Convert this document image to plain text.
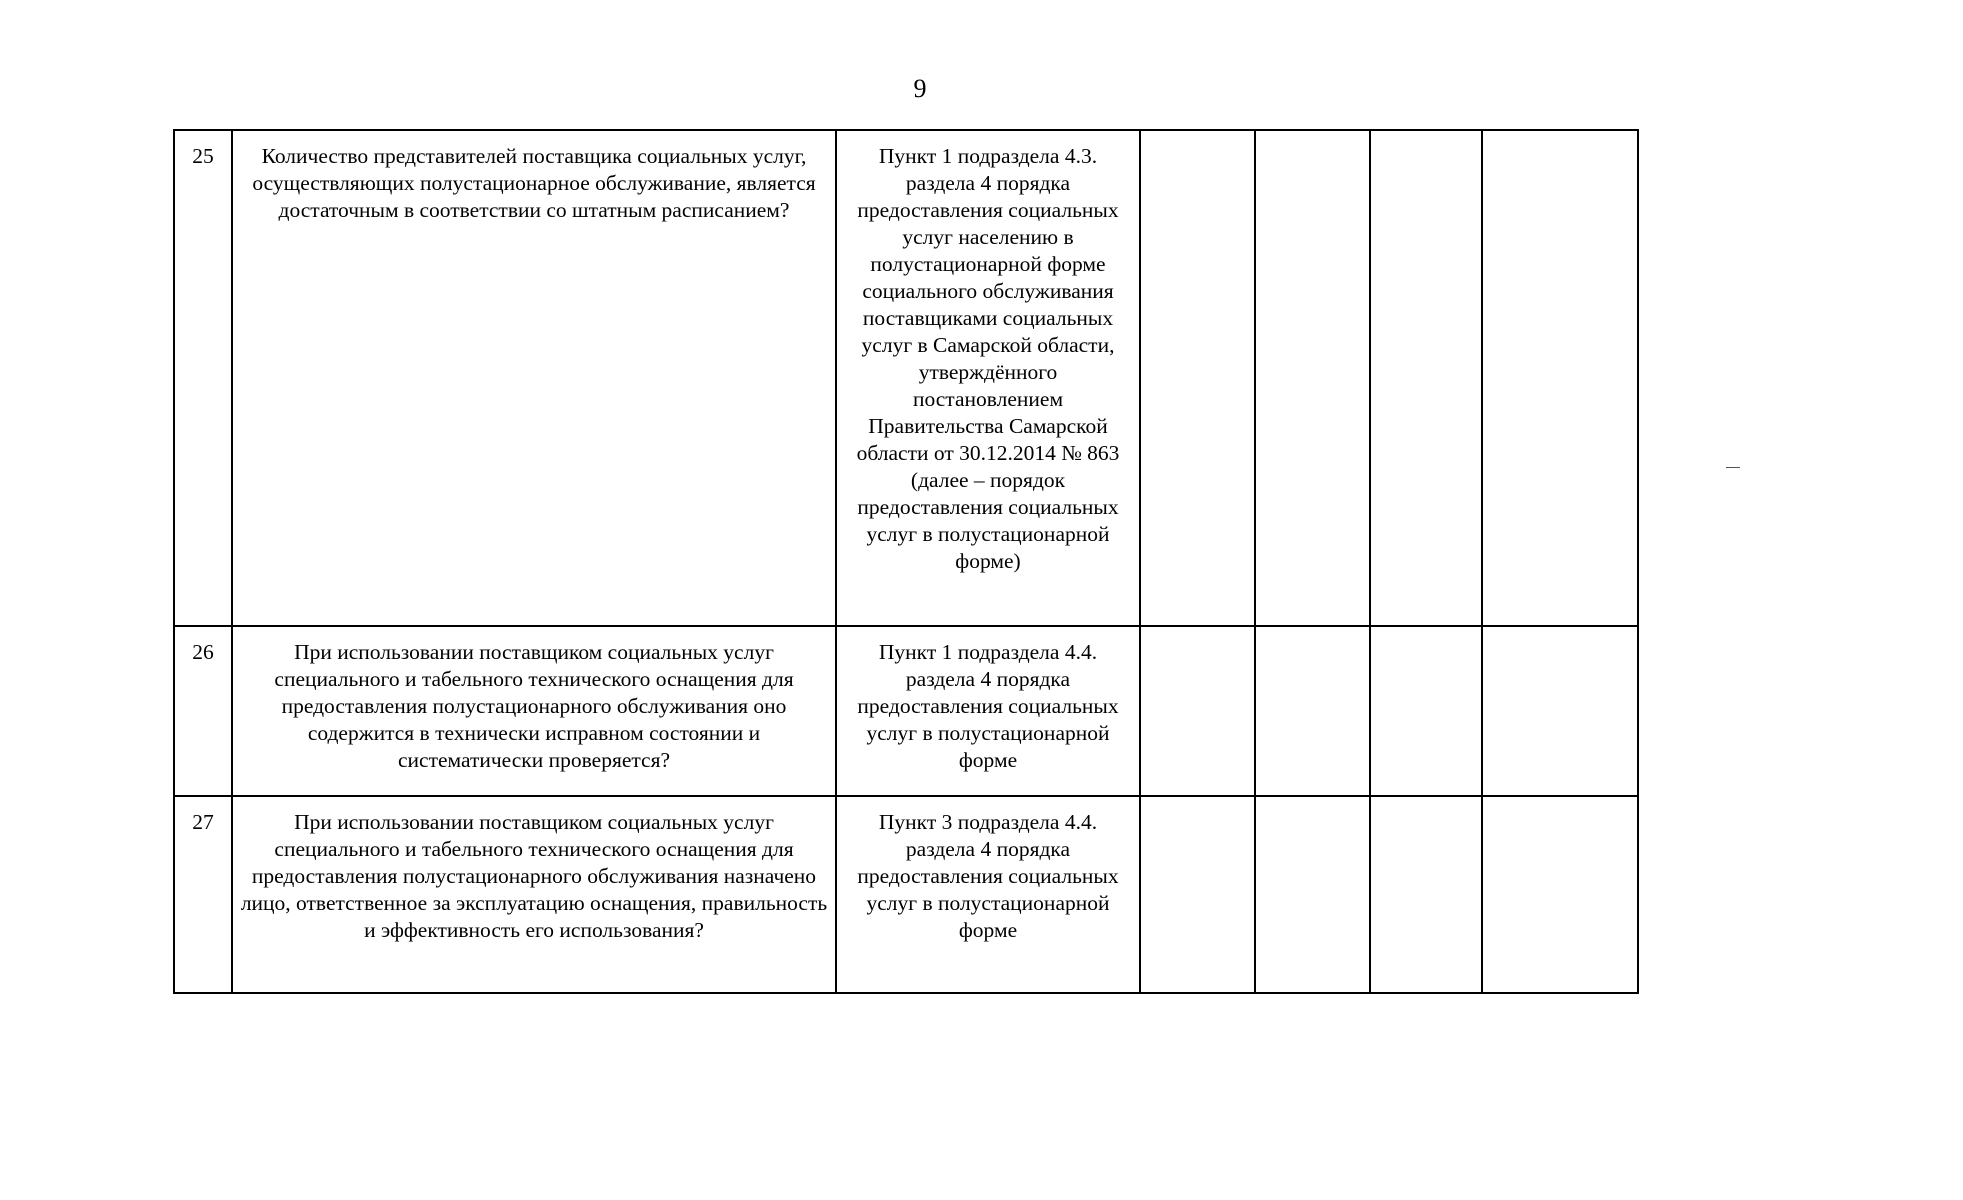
9
25	Количество представителей поставщика социальных услуг, осуществляющих полустационарное обслуживание, является достаточным в соответствии со штатным расписанием?	Пункт 1 подраздела 4.3. раздела 4 порядка предоставления социальных услуг населению в полустационарной форме социального обслуживания поставщиками социальных услуг в Самарской области, утверждённого постановлением Правительства Самарской области от 30.12.2014 № 863 (далее – порядок предоставления социальных услуг в полустационарной форме)				
26	При использовании поставщиком социальных услуг специального и табельного технического оснащения для предоставления полустационарного обслуживания оно содержится в технически исправном состоянии и систематически проверяется?	Пункт 1 подраздела 4.4. раздела 4 порядка предоставления социальных услуг в полустационарной форме				
27	При использовании поставщиком социальных услуг специального и табельного технического оснащения для предоставления полустационарного обслуживания назначено лицо, ответственное за эксплуатацию оснащения, правильность и эффективность его использования?	Пункт 3 подраздела 4.4. раздела 4 порядка предоставления социальных услуг в полустационарной форме				
